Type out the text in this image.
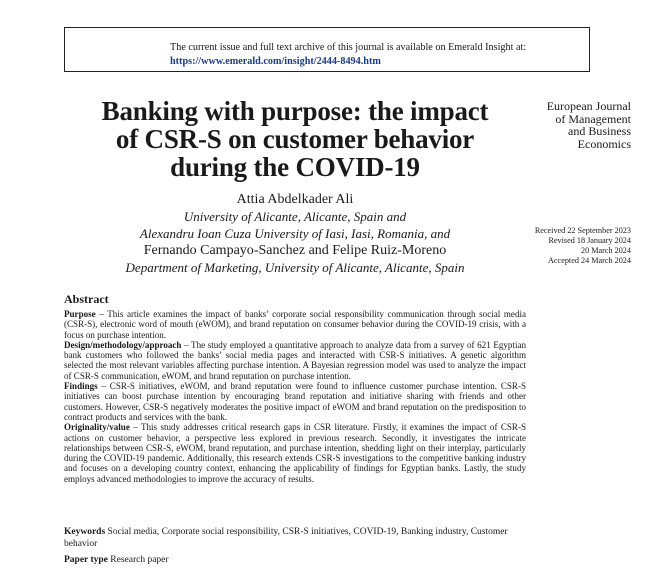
The current issue and full text archive of this journal is available on Emerald Insight at:
https://www.emerald.com/insight/2444-8494.htm
Banking with purpose: the impact
of CSR-S on customer behavior
during the COVID-19
European Journal
of Management
and Business
Economics
Attia Abdelkader Ali
University of Alicante, Alicante, Spain and
Alexandru Ioan Cuza University of Iasi, Iasi, Romania, and
Fernando Campayo-Sanchez and Felipe Ruiz-Moreno
Department of Marketing, University of Alicante, Alicante, Spain
Received 22 September 2023
Revised 18 January 2024
20 March 2024
Accepted 24 March 2024
Abstract

Purpose – This article examines the impact of banks’ corporate social responsibility communication through social media (CSR-S), electronic word of mouth (eWOM), and brand reputation on consumer behavior during the COVID-19 crisis, with a focus on purchase intention.

Design/methodology/approach – The study employed a quantitative approach to analyze data from a survey of 621 Egyptian bank customers who followed the banks’ social media pages and interacted with CSR-S initiatives. A genetic algorithm selected the most relevant variables affecting purchase intention. A Bayesian regression model was used to analyze the impact of CSR-S communication, eWOM, and brand reputation on purchase intention.

Findings – CSR-S initiatives, eWOM, and brand reputation were found to influence customer purchase intention. CSR-S initiatives can boost purchase intention by encouraging brand reputation and initiative sharing with friends and other customers. However, CSR-S negatively moderates the positive impact of eWOM and brand reputation on the predisposition to contract products and services with the bank.

Originality/value – This study addresses critical research gaps in CSR literature. Firstly, it examines the impact of CSR-S actions on customer behavior, a perspective less explored in previous research. Secondly, it investigates the intricate relationships between CSR-S, eWOM, brand reputation, and purchase intention, shedding light on their interplay, particularly during the COVID-19 pandemic. Additionally, this research extends CSR-S investigations to the competitive banking industry and focuses on a developing country context, enhancing the applicability of findings for Egyptian banks. Lastly, the study employs advanced methodologies to improve the accuracy of results.

Keywords Social media, Corporate social responsibility, CSR-S initiatives, COVID-19, Banking industry, Customer behavior
Paper type Research paper
